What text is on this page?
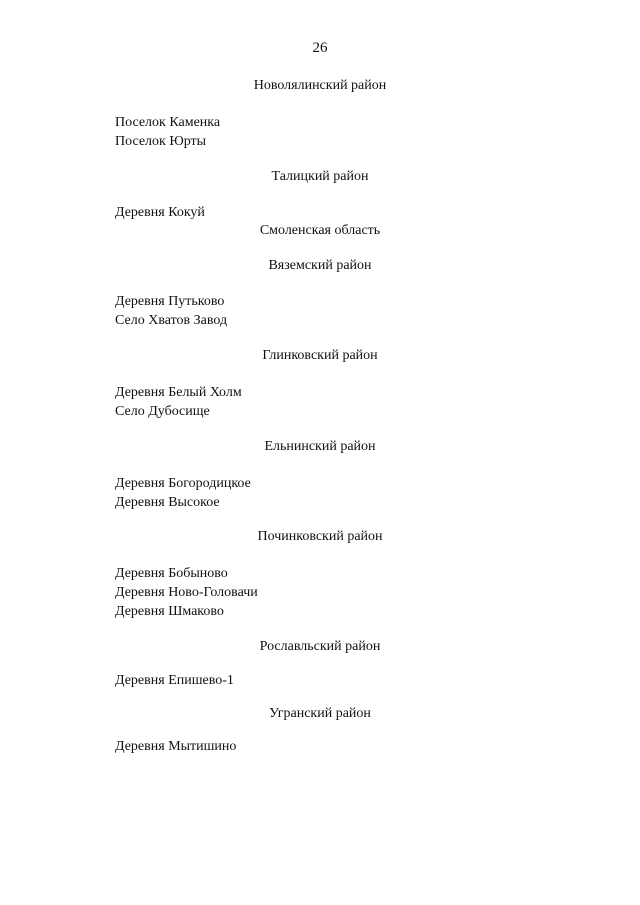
26
Новолялинский район
Поселок Каменка
Поселок Юрты
Талицкий район
Деревня Кокуй
Смоленская область
Вяземский район
Деревня Путьково
Село Хватов Завод
Глинковский район
Деревня Белый Холм
Село Дубосище
Ельнинский район
Деревня Богородицкое
Деревня Высокое
Починковский район
Деревня Бобыново
Деревня Ново-Головачи
Деревня Шмаково
Рославльский район
Деревня Епишево-1
Угранский район
Деревня Мытишино
